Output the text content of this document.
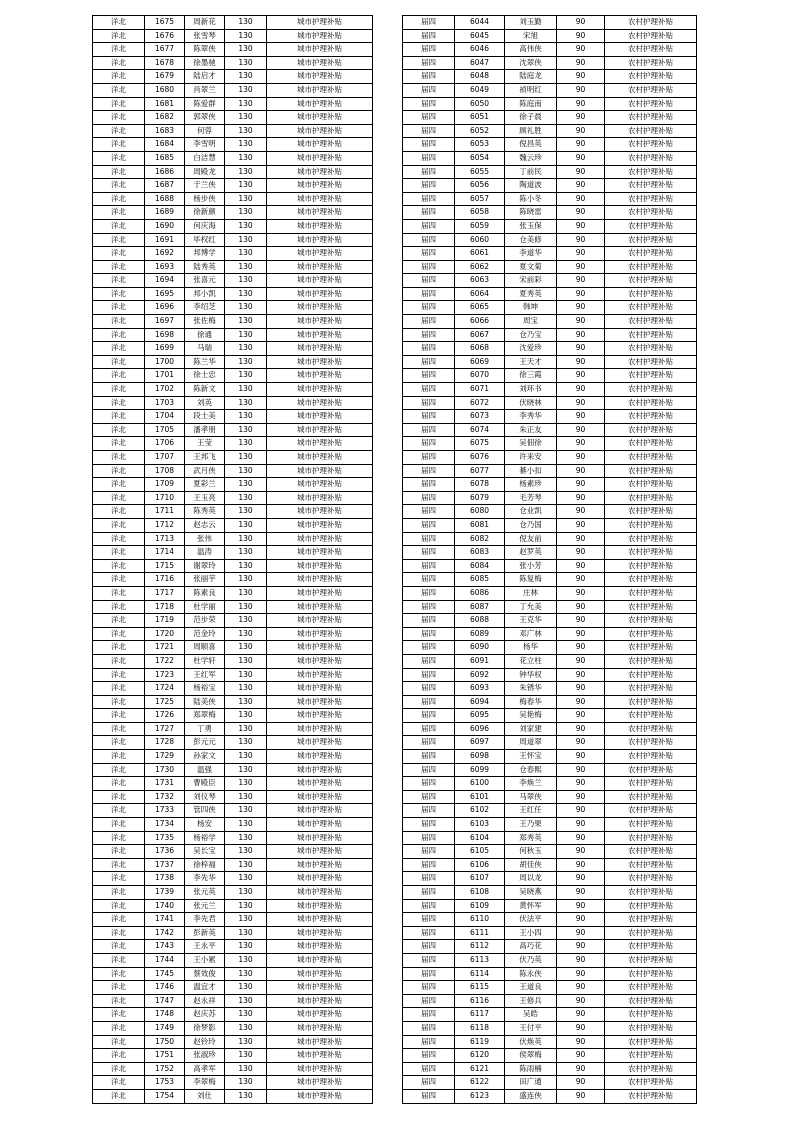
洋北	1675	周新花	130	城市护理补贴
洋北	1676	张雪琴	130	城市护理补贴
洋北	1677	陈翠侠	130	城市护理补贴
洋北	1678	徐墨驰	130	城市护理补贴
洋北	1679	陆启才	130	城市护理补贴
洋北	1680	肖翠兰	130	城市护理补贴
洋北	1681	陈爱群	130	城市护理补贴
洋北	1682	郭翠侠	130	城市护理补贴
洋北	1683	何蓉	130	城市护理补贴
洋北	1684	李雪明	130	城市护理补贴
洋北	1685	白洁慧	130	城市护理补贴
洋北	1686	周殿龙	130	城市护理补贴
洋北	1687	于兰侠	130	城市护理补贴
洋北	1688	杨步侠	130	城市护理补贴
洋北	1689	徐新颜	130	城市护理补贴
洋北	1690	何庆海	130	城市护理补贴
洋北	1691	毕权红	130	城市护理补贴
洋北	1692	邦博学	130	城市护理补贴
洋北	1693	陆秀英	130	城市护理补贴
洋北	1694	张喜元	130	城市护理补贴
洋北	1695	邦小凯	130	城市护理补贴
洋北	1696	李绍芝	130	城市护理补贴
洋北	1697	张佐梅	130	城市护理补贴
洋北	1698	徐通	130	城市护理补贴
洋北	1699	马瑞	130	城市护理补贴
洋北	1700	陈兰华	130	城市护理补贴
洋北	1701	徐士忠	130	城市护理补贴
洋北	1702	陈新文	130	城市护理补贴
洋北	1703	刘英	130	城市护理补贴
洋北	1704	段士美	130	城市护理补贴
洋北	1705	潘孝朋	130	城市护理补贴
洋北	1706	王莹	130	城市护理补贴
洋北	1707	王邦飞	130	城市护理补贴
洋北	1708	武月侠	130	城市护理补贴
洋北	1709	夏彩兰	130	城市护理补贴
洋北	1710	王玉亮	130	城市护理补贴
洋北	1711	陈秀英	130	城市护理补贴
洋北	1712	赵志云	130	城市护理补贴
洋北	1713	张伟	130	城市护理补贴
洋北	1714	温涛	130	城市护理补贴
洋北	1715	谢翠玲	130	城市护理补贴
洋北	1716	张丽芋	130	城市护理补贴
洋北	1717	陈素良	130	城市护理补贴
洋北	1718	杜学丽	130	城市护理补贴
洋北	1719	范步荣	130	城市护理补贴
洋北	1720	范金玲	130	城市护理补贴
洋北	1721	周顺喜	130	城市护理补贴
洋北	1722	杜学轩	130	城市护理补贴
洋北	1723	王红军	130	城市护理补贴
洋北	1724	杨裕宝	130	城市护理补贴
洋北	1725	陆美侠	130	城市护理补贴
洋北	1726	郑翠梅	130	城市护理补贴
洋北	1727	丁勇	130	城市护理补贴
洋北	1728	彭元元	130	城市护理补贴
洋北	1729	孙家文	130	城市护理补贴
洋北	1730	温强	130	城市护理补贴
洋北	1731	曹殿臣	130	城市护理补贴
洋北	1732	刘仪琴	130	城市护理补贴
洋北	1733	管四侠	130	城市护理补贴
洋北	1734	杨安	130	城市护理补贴
洋北	1735	杨裕学	130	城市护理补贴
洋北	1736	吴长宝	130	城市护理补贴
洋北	1737	徐梓福	130	城市护理补贴
洋北	1738	李先华	130	城市护理补贴
洋北	1739	张元英	130	城市护理补贴
洋北	1740	张元兰	130	城市护理补贴
洋北	1741	李先君	130	城市护理补贴
洋北	1742	彭新英	130	城市护理补贴
洋北	1743	王永平	130	城市护理补贴
洋北	1744	王小累	130	城市护理补贴
洋北	1745	蔡效俊	130	城市护理补贴
洋北	1746	温宜才	130	城市护理补贴
洋北	1747	赵永祥	130	城市护理补贴
洋北	1748	赵庆苏	130	城市护理补贴
洋北	1749	徐梦影	130	城市护理补贴
洋北	1750	赵铃玲	130	城市护理补贴
洋北	1751	张淑珍	130	城市护理补贴
洋北	1752	高孝军	130	城市护理补贴
洋北	1753	李翠梅	130	城市护理补贴
洋北	1754	刘仕	130	城市护理补贴
届四	6044	刘玉勤	90	农村护理补贴
届四	6045	宋旭	90	农村护理补贴
届四	6046	高伟侠	90	农村护理补贴
届四	6047	沈翠侠	90	农村护理补贴
届四	6048	陆庭龙	90	农村护理补贴
届四	6049	祯明红	90	农村护理补贴
届四	6050	陈庭南	90	农村护理补贴
届四	6051	徐子晨	90	农村护理补贴
届四	6052	顾礼胜	90	农村护理补贴
届四	6053	倪昌英	90	农村护理补贴
届四	6054	魏云珍	90	农村护理补贴
届四	6055	丁前民	90	农村护理补贴
届四	6056	陶道波	90	农村护理补贴
届四	6057	陈小冬	90	农村护理补贴
届四	6058	陈晓雷	90	农村护理补贴
届四	6059	张玉保	90	农村护理补贴
届四	6060	仓美修	90	农村护理补贴
届四	6061	李道华	90	农村护理补贴
届四	6062	夏文菊	90	农村护理补贴
届四	6063	宋前彩	90	农村护理补贴
届四	6064	夏秀英	90	农村护理补贴
届四	6065	韩坤	90	农村护理补贴
届四	6066	周宝	90	农村护理补贴
届四	6067	仓乃宝	90	农村护理补贴
届四	6068	沈爱珍	90	农村护理补贴
届四	6069	王天才	90	农村护理补贴
届四	6070	徐三霞	90	农村护理补贴
届四	6071	刘环书	90	农村护理补贴
届四	6072	伏晓林	90	农村护理补贴
届四	6073	李秀华	90	农村护理补贴
届四	6074	朱正友	90	农村护理补贴
届四	6075	吴佃徐	90	农村护理补贴
届四	6076	许来安	90	农村护理补贴
届四	6077	綦小扣	90	农村护理补贴
届四	6078	杨素珍	90	农村护理补贴
届四	6079	毛芳琴	90	农村护理补贴
届四	6080	仓业凯	90	农村护理补贴
届四	6081	仓乃国	90	农村护理补贴
届四	6082	倪友前	90	农村护理补贴
届四	6083	赵罗英	90	农村护理补贴
届四	6084	张小芳	90	农村护理补贴
届四	6085	陈复梅	90	农村护理补贴
届四	6086	庄林	90	农村护理补贴
届四	6087	丁允美	90	农村护理补贴
届四	6088	王克华	90	农村护理补贴
届四	6089	邓广林	90	农村护理补贴
届四	6090	杨华	90	农村护理补贴
届四	6091	花立柱	90	农村护理补贴
届四	6092	钟华权	90	农村护理补贴
届四	6093	朱锈华	90	农村护理补贴
届四	6094	梅春华	90	农村护理补贴
届四	6095	吴艳梅	90	农村护理补贴
届四	6096	刘家建	90	农村护理补贴
届四	6097	周道翠	90	农村护理补贴
届四	6098	王怀宝	90	农村护理补贴
届四	6099	仓春熙	90	农村护理补贴
届四	6100	李焕兰	90	农村护理补贴
届四	6101	马翠侠	90	农村护理补贴
届四	6102	王红任	90	农村护理补贴
届四	6103	王乃果	90	农村护理补贴
届四	6104	郑秀英	90	农村护理补贴
届四	6105	何秋玉	90	农村护理补贴
届四	6106	胡佳侠	90	农村护理补贴
届四	6107	周以龙	90	农村护理补贴
届四	6108	吴晓燕	90	农村护理补贴
届四	6109	黄怀军	90	农村护理补贴
届四	6110	伏法平	90	农村护理补贴
届四	6111	王小四	90	农村护理补贴
届四	6112	高巧花	90	农村护理补贴
届四	6113	伏乃英	90	农村护理补贴
届四	6114	陈永侠	90	农村护理补贴
届四	6115	王道良	90	农村护理补贴
届四	6116	王修兵	90	农村护理补贴
届四	6117	吴皓	90	农村护理补贴
届四	6118	王付平	90	农村护理补贴
届四	6119	伏焕英	90	农村护理补贴
届四	6120	侯翠梅	90	农村护理补贴
届四	6121	陈雨楠	90	农村护理补贴
届四	6122	田广通	90	农村护理补贴
届四	6123	盛连侠	90	农村护理补贴
